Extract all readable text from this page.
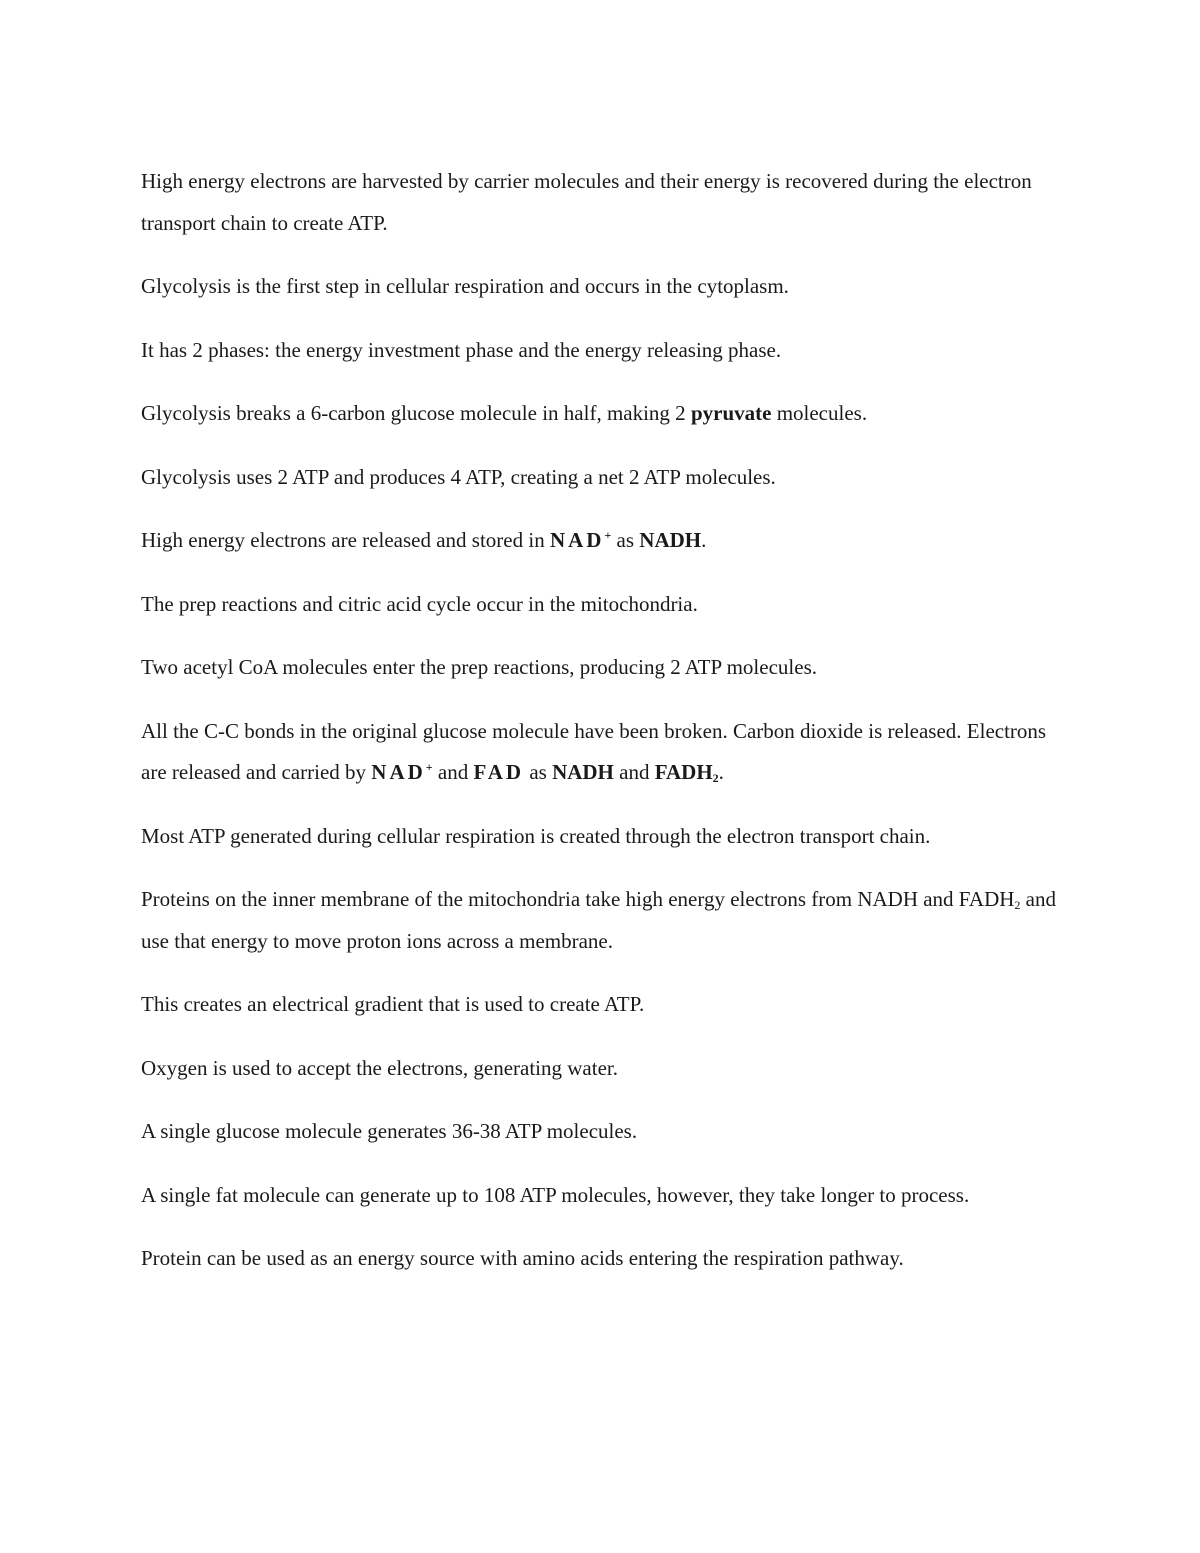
High energy electrons are harvested by carrier molecules and their energy is recovered during the electron transport chain to create ATP.

Glycolysis is the first step in cellular respiration and occurs in the cytoplasm.

It has 2 phases: the energy investment phase and the energy releasing phase.

Glycolysis breaks a 6-carbon glucose molecule in half, making 2 pyruvate molecules.

Glycolysis uses 2 ATP and produces 4 ATP, creating a net 2 ATP molecules.

High energy electrons are released and stored in NAD+ as NADH.

The prep reactions and citric acid cycle occur in the mitochondria.

Two acetyl CoA molecules enter the prep reactions, producing 2 ATP molecules.

All the C-C bonds in the original glucose molecule have been broken. Carbon dioxide is released. Electrons are released and carried by NAD+ and FAD as NADH and $FADH_2$.

Most ATP generated during cellular respiration is created through the electron transport chain.

Proteins on the inner membrane of the mitochondria take high energy electrons from NADH and $FADH_2$ and use that energy to move proton ions across a membrane.

This creates an electrical gradient that is used to create ATP.

Oxygen is used to accept the electrons, generating water.

A single glucose molecule generates 36-38 ATP molecules.

A single fat molecule can generate up to 108 ATP molecules, however, they take longer to process.

Protein can be used as an energy source with amino acids entering the respiration pathway.
